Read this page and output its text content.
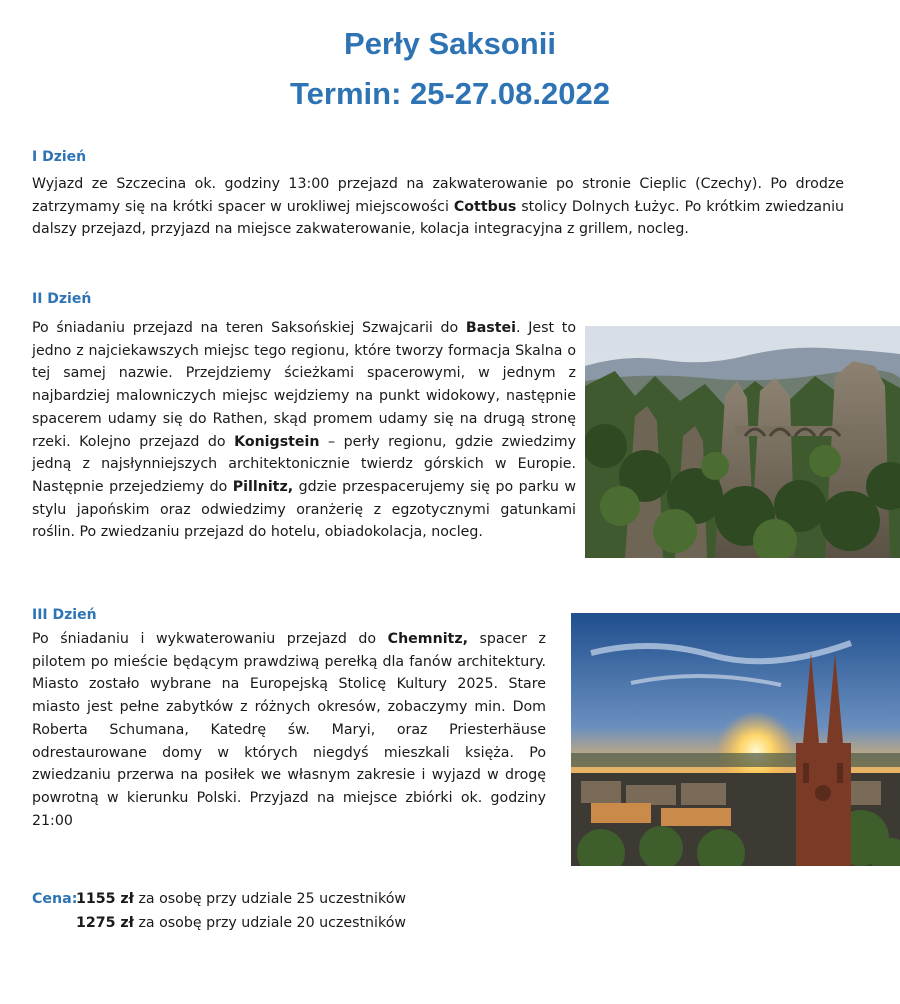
Perły Saksonii
Termin: 25-27.08.2022
I Dzień

Wyjazd ze Szczecina ok. godziny 13:00 przejazd na zakwaterowanie po stronie Cieplic (Czechy). Po drodze zatrzymamy się na krótki spacer w urokliwej miejscowości Cottbus stolicy Dolnych Łużyc. Po krótkim zwiedzaniu dalszy przejazd, przyjazd na miejsce zakwaterowanie, kolacja integracyjna z grillem, nocleg.

II Dzień

Po śniadaniu przejazd na teren Saksońskiej Szwajcarii do Bastei. Jest to jedno z najciekawszych miejsc tego regionu, które tworzy formacja Skalna o tej samej nazwie. Przejdziemy ścieżkami spacerowymi, w jednym z najbardziej malowniczych miejsc wejdziemy na punkt widokowy, następnie spacerem udamy się do Rathen, skąd promem udamy się na drugą stronę rzeki. Kolejno przejazd do Konigstein – perły regionu, gdzie zwiedzimy jedną z najsłynniejszych architektonicznie twierdz górskich w Europie. Następnie przejedziemy do Pillnitz, gdzie przespacerujemy się po parku w stylu japońskim oraz odwiedzimy oranżerię z egzotycznymi gatunkami roślin. Po zwiedzaniu przejazd do hotelu, obiadokolacja, nocleg.

III Dzień

Po śniadaniu i wykwaterowaniu przejazd do Chemnitz, spacer z pilotem po mieście będącym prawdziwą perełką dla fanów architektury. Miasto zostało wybrane na Europejską Stolicę Kultury 2025. Stare miasto jest pełne zabytków z różnych okresów, zobaczymy min. Dom Roberta Schumana, Katedrę św. Maryi, oraz Priesterhäuse odrestaurowane domy w których niegdyś mieszkali księża. Po zwiedzaniu przerwa na posiłek we własnym zakresie i wyjazd w drogę powrotną w kierunku Polski. Przyjazd na miejsce zbiórki ok. godziny 21:00

Cena:
1155 zł za osobę przy udziale 25 uczestników
1275 zł za osobę przy udziale 20 uczestników
